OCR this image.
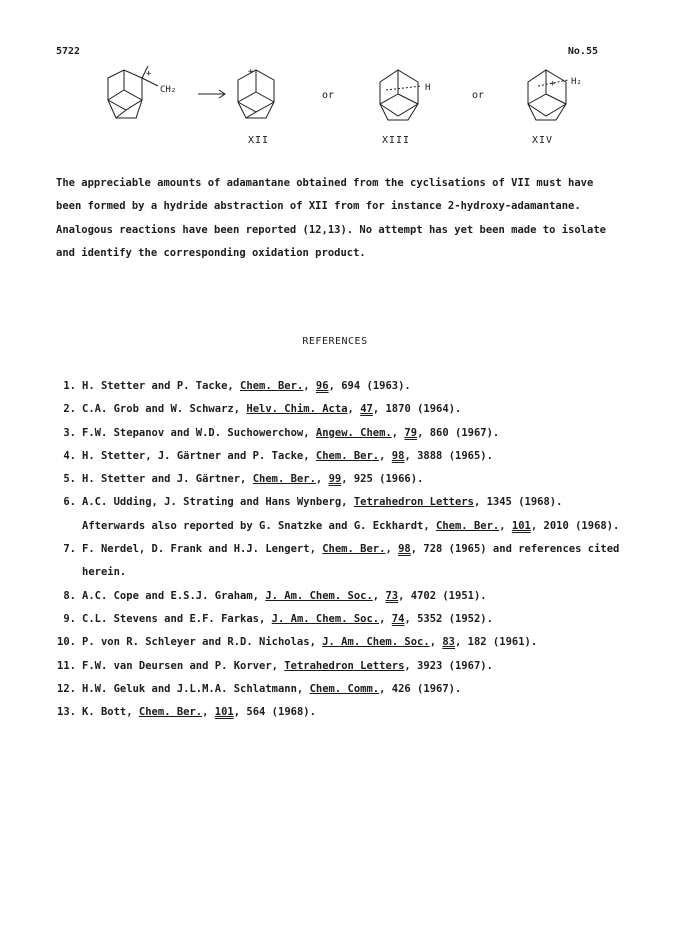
5722	No.55
+
CH₂
+
or
H
or
+ H₂
XII	XIII	XIV

The appreciable amounts of adamantane obtained from the cyclisations of VII must have been formed by a hydride abstraction of XII from for instance 2-hydroxy-adamantane. Analogous reactions have been reported (12,13). No attempt has yet been made to isolate and identify the corresponding oxidation product.

REFERENCES
1. H. Stetter and P. Tacke, Chem. Ber., 96, 694 (1963).
2. C.A. Grob and W. Schwarz, Helv. Chim. Acta, 47, 1870 (1964).
3. F.W. Stepanov and W.D. Suchowerchow, Angew. Chem., 79, 860 (1967).
4. H. Stetter, J. Gärtner and P. Tacke, Chem. Ber., 98, 3888 (1965).
5. H. Stetter and J. Gärtner, Chem. Ber., 99, 925 (1966).
6. A.C. Udding, J. Strating and Hans Wynberg, Tetrahedron Letters, 1345 (1968). Afterwards also reported by G. Snatzke and G. Eckhardt, Chem. Ber., 101, 2010 (1968).
7. F. Nerdel, D. Frank and H.J. Lengert, Chem. Ber., 98, 728 (1965) and references cited herein.
8. A.C. Cope and E.S.J. Graham, J. Am. Chem. Soc., 73, 4702 (1951).
9. C.L. Stevens and E.F. Farkas, J. Am. Chem. Soc., 74, 5352 (1952).
10. P. von R. Schleyer and R.D. Nicholas, J. Am. Chem. Soc., 83, 182 (1961).
11. F.W. van Deursen and P. Korver, Tetrahedron Letters, 3923 (1967).
12. H.W. Geluk and J.L.M.A. Schlatmann, Chem. Comm., 426 (1967).
13. K. Bott, Chem. Ber., 101, 564 (1968).
